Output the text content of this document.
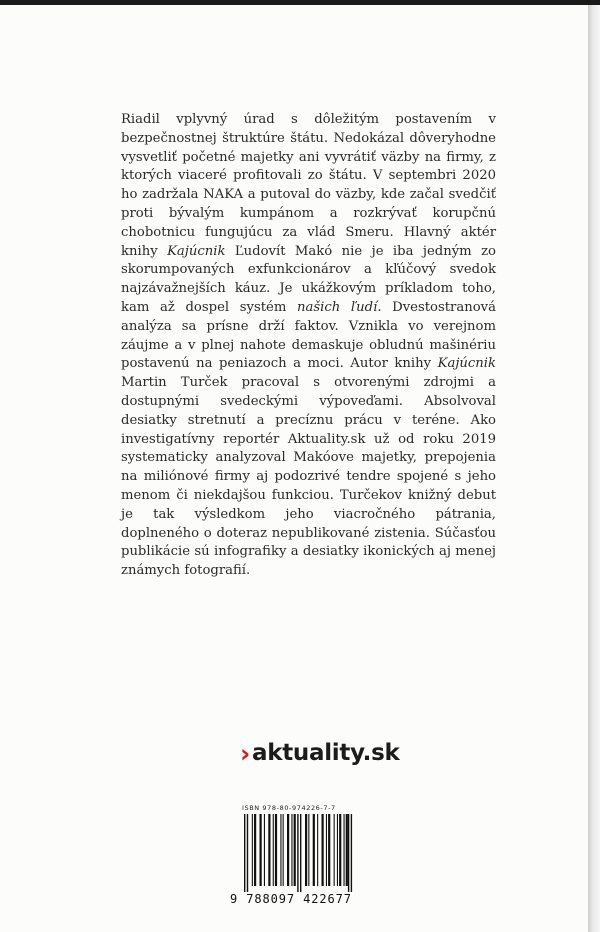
Riadil vplyvný úrad s dôležitým postavením v bezpečnostnej štruktúre štátu. Nedokázal dôveryhodne vysvetliť početné majetky ani vyvrátiť väzby na firmy, z ktorých viaceré profitovali zo štátu. V septembri 2020 ho zadržala NAKA a putoval do väzby, kde začal svedčiť proti bývalým kumpánom a rozkrývať korupčnú chobotnicu fungujúcu za vlád Smeru. Hlavný aktér knihy Kajúcnik Ľudovít Makó nie je iba jedným zo skorumpovaných exfunkcionárov a kľúčový svedok najzávažnejších káuz. Je ukážkovým príkladom toho, kam až dospel systém našich ľudí. Dvestostranová analýza sa prísne drží faktov. Vznikla vo verejnom záujme a v plnej nahote demaskuje obludnú mašinériu postavenú na peniazoch a moci. Autor knihy Kajúcnik Martin Turček pracoval s otvorenými zdrojmi a dostupnými svedeckými výpoveďami. Absolvoval desiatky stretnutí a precíznu prácu v teréne. Ako investigatívny reportér Aktuality.sk už od roku 2019 systematicky analyzoval Makóove majetky, prepojenia na miliónové firmy aj podozrivé tendre spojené s jeho menom či niekdajšou funkciou. Turčekov knižný debut je tak výsledkom jeho viacročného pátrania, doplneného o doteraz nepublikované zistenia. Súčasťou publikácie sú infografiky a desiatky ikonických aj menej známych fotografií.

› aktuality.sk
ISBN 978-80-974226-7-7
9 788097 422677
